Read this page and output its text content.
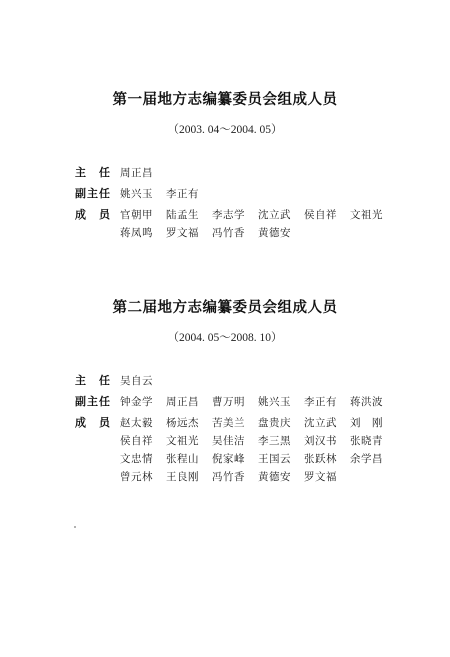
第一届地方志编纂委员会组成人员
（2003. 04～2004. 05）
主　任 周正昌
副主任 姚兴玉	李正有
成　员 官朝甲	陆孟生	李志学	沈立武	侯自祥	文祖光
蒋凤鸣	罗文福	冯竹香	黄德安
第二届地方志编纂委员会组成人员
（2004. 05～2008. 10）
主　任 吴自云
副主任 钟金学	周正昌	曹万明	姚兴玉	李正有	蒋洪波
成　员 赵太毅	杨远杰	苦美兰	盘贵庆	沈立武	刘　刚
侯自祥	文祖光	吴佳洁	李三黑	刘汉书	张晓青
文忠情	张程山	倪家峰	王国云	张跃林	余学昌
曾元林	王良刚	冯竹香	黄德安	罗文福
